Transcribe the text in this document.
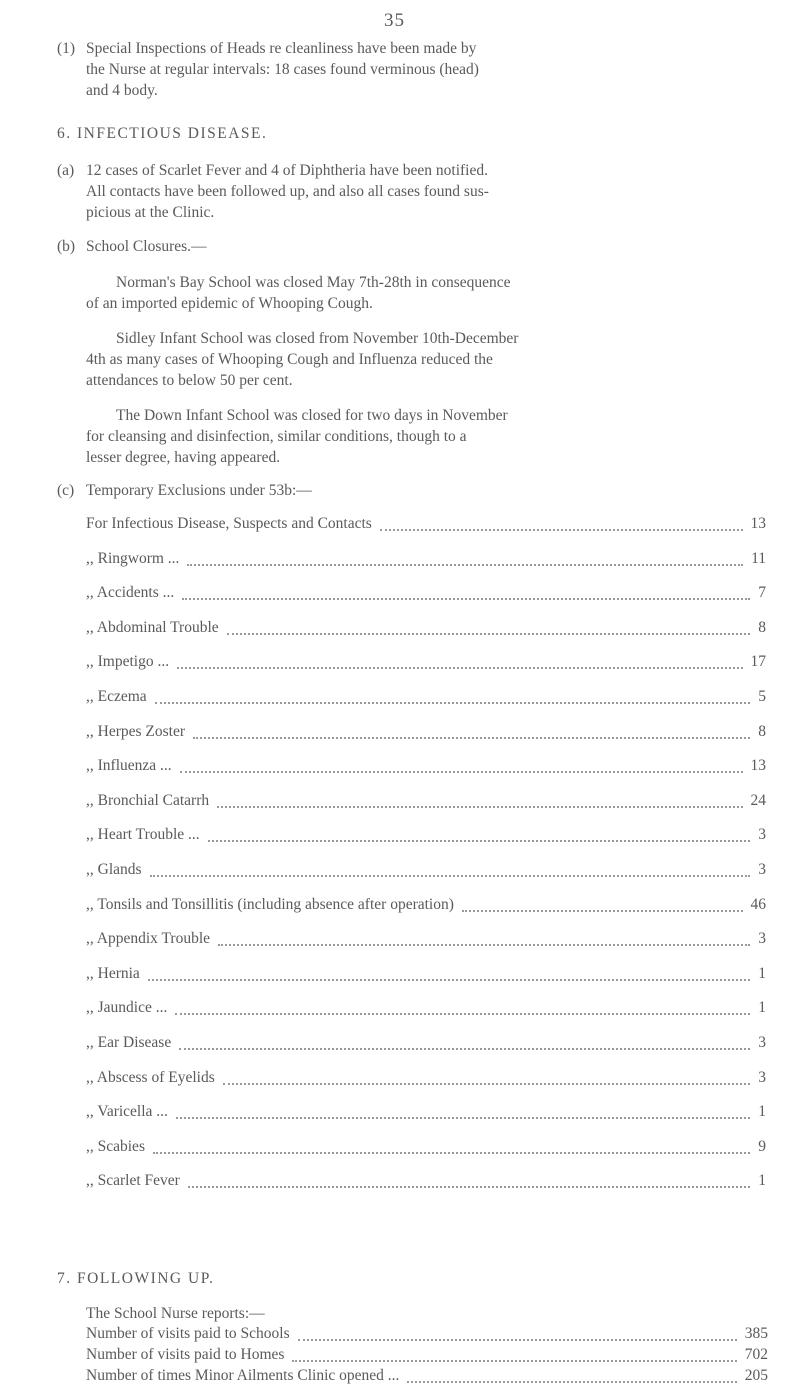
35
(1) Special Inspections of Heads re cleanliness have been made by
the Nurse at regular intervals: 18 cases found verminous (head)
and 4 body.
6. INFECTIOUS DISEASE.
(a) 12 cases of Scarlet Fever and 4 of Diphtheria have been notified.
All contacts have been followed up, and also all cases found sus-
picious at the Clinic.
(b) School Closures.—
Norman's Bay School was closed May 7th-28th in consequence
of an imported epidemic of Whooping Cough.
Sidley Infant School was closed from November 10th-December
4th as many cases of Whooping Cough and Influenza reduced the
attendances to below 50 per cent.
The Down Infant School was closed for two days in November
for cleansing and disinfection, similar conditions, though to a
lesser degree, having appeared.
(c) Temporary Exclusions under 53b:—
For Infectious Disease, Suspects and Contacts	13
,, Ringworm ...	11
,, Accidents ...	7
,, Abdominal Trouble	8
,, Impetigo ...	17
,, Eczema	5
,, Herpes Zoster	8
,, Influenza ...	13
,, Bronchial Catarrh	24
,, Heart Trouble ...	3
,, Glands	3
,, Tonsils and Tonsillitis (including absence after operation)	46
,, Appendix Trouble	3
,, Hernia	1
,, Jaundice ...	1
,, Ear Disease	3
,, Abscess of Eyelids	3
,, Varicella ...	1
,, Scabies	9
,, Scarlet Fever	1
7. FOLLOWING UP.
The School Nurse reports:—
Number of visits paid to Schools	385
Number of visits paid to Homes	702
Number of times Minor Ailments Clinic opened ...	205
